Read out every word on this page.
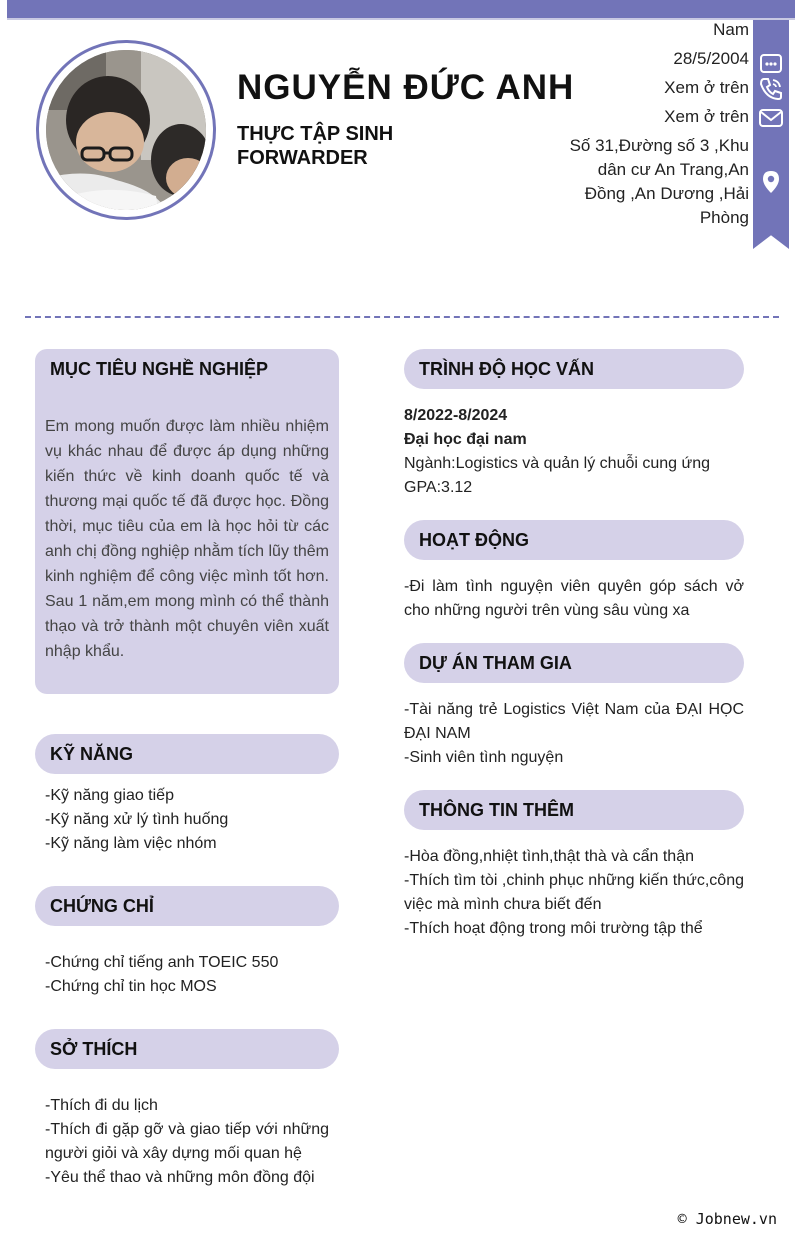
NGUYỄN ĐỨC ANH
THỰC TẬP SINH FORWARDER
Nam
28/5/2004
Xem ở trên
Xem ở trên
Số 31,Đường số 3 ,Khu dân cư An Trang,An Đồng ,An Dương ,Hải Phòng
MỤC TIÊU NGHỀ NGHIỆP
Em mong muốn được làm nhiều nhiệm vụ khác nhau để được áp dụng những kiến thức về kinh doanh quốc tế và thương mại quốc tế đã được học. Đồng thời, mục tiêu của em là học hỏi từ các anh chị đồng nghiệp nhằm tích lũy thêm kinh nghiệm để công việc mình tốt hơn. Sau 1 năm,em mong mình có thể thành thạo và trở thành một chuyên viên xuất nhập khẩu.
KỸ NĂNG
-Kỹ năng giao tiếp
-Kỹ năng xử lý tình huống
-Kỹ năng làm việc nhóm
CHỨNG CHỈ
-Chứng chỉ tiếng anh TOEIC 550
-Chứng chỉ tin học MOS
SỞ THÍCH
-Thích đi du lịch
-Thích đi gặp gỡ và giao tiếp với những người giỏi và xây dựng mối quan hệ
-Yêu thể thao và những môn đồng đội
TRÌNH ĐỘ HỌC VẤN
8/2022-8/2024
Đại học đại nam
Ngành:Logistics và quản lý chuỗi cung ứng
GPA:3.12
HOẠT ĐỘNG
-Đi làm tình nguyện viên quyên góp sách vở cho những người trên vùng sâu vùng xa
DỰ ÁN THAM GIA
-Tài năng trẻ Logistics Việt Nam của ĐẠI HỌC ĐẠI NAM
-Sinh viên tình nguyện
THÔNG TIN THÊM
-Hòa đồng,nhiệt tình,thật thà và cẩn thận
-Thích tìm tòi ,chinh phục những kiến thức,công việc mà mình chưa biết đến
-Thích hoạt động trong môi trường tập thể
© Jobnew.vn
